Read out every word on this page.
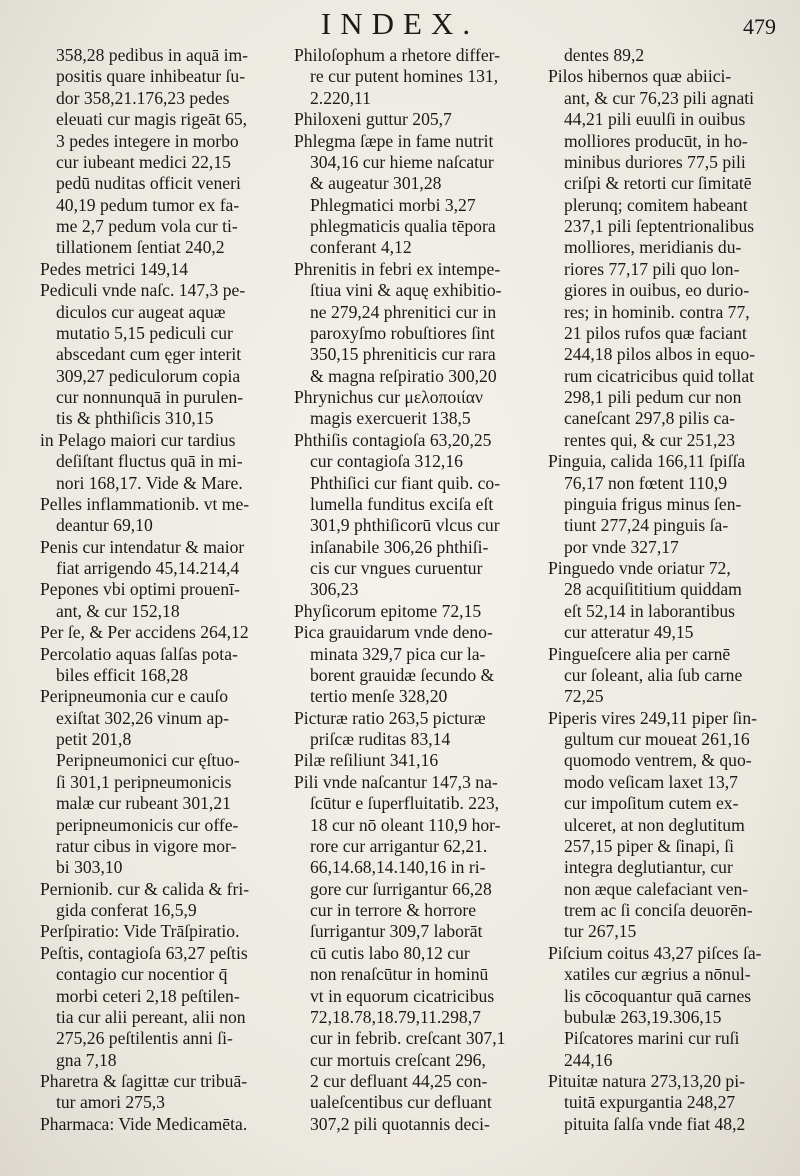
INDEX.	479

358,28 pedibus in aquā im-

positis quare inhibeatur ſu-

dor 358,21.176,23 pedes

eleuati cur magis rigeāt 65,

3 pedes integere in morbo

cur iubeant medici 22,15

pedū nuditas officit veneri

40,19 pedum tumor ex fa-

me 2,7 pedum vola cur ti-

tillationem ſentiat 240,2

Pedes metrici 149,14

Pediculi vnde naſc. 147,3 pe-

diculos cur augeat aquæ

mutatio 5,15 pediculi cur

abscedant cum ęger interit

309,27 pediculorum copia

cur nonnunquā in purulen-

tis & phthiſicis 310,15

in Pelago maiori cur tardius

deſiſtant fluctus quā in mi-

nori 168,17. Vide & Mare.

Pelles inflammationib. vt me-

deantur 69,10

Penis cur intendatur & maior

fiat arrigendo 45,14.214,4

Pepones vbi optimi prouenī-

ant, & cur 152,18

Per ſe, & Per accidens 264,12

Percolatio aquas ſalſas pota-

biles efficit 168,28

Peripneumonia cur e cauſo

exiſtat 302,26 vinum ap-

petit 201,8

Peripneumonici cur ęſtuo-

ſi 301,1 peripneumonicis

malæ cur rubeant 301,21

peripneumonicis cur offe-

ratur cibus in vigore mor-

bi 303,10

Pernionib. cur & calida & fri-

gida conferat 16,5,9

Perſpiratio: Vide Trāſpiratio.

Peſtis, contagioſa 63,27 peſtis

contagio cur nocentior q̄

morbi ceteri 2,18 peſtilen-

tia cur alii pereant, alii non

275,26 peſtilentis anni ſi-

gna 7,18

Pharetra & ſagittæ cur tribuā-

tur amori 275,3

Pharmaca: Vide Medicamēta.

Philoſophum a rhetore differ-

re cur putent homines 131,

2.220,11

Philoxeni guttur 205,7

Phlegma ſæpe in fame nutrit

304,16 cur hieme naſcatur

& augeatur 301,28

Phlegmatici morbi 3,27

phlegmaticis qualia tēpora

conferant 4,12

Phrenitis in febri ex intempe-

ſtiua vini & aquę exhibitio-

ne 279,24 phrenitici cur in

paroxyſmo robuſtiores ſint

350,15 phreniticis cur rara

& magna reſpiratio 300,20

Phrynichus cur μελοποιίαν

magis exercuerit 138,5

Phthiſis contagioſa 63,20,25

cur contagioſa 312,16

Phthiſici cur fiant quib. co-

lumella funditus exciſa eſt

301,9 phthiſicorū vlcus cur

inſanabile 306,26 phthiſi-

cis cur vngues curuentur

306,23

Phyſicorum epitome 72,15

Pica grauidarum vnde deno-

minata 329,7 pica cur la-

borent grauidæ ſecundo &

tertio menſe 328,20

Picturæ ratio 263,5 picturæ

priſcæ ruditas 83,14

Pilæ reſiliunt 341,16

Pili vnde naſcantur 147,3 na-

ſcūtur e ſuperfluitatib. 223,

18 cur nō oleant 110,9 hor-

rore cur arrigantur 62,21.

66,14.68,14.140,16 in ri-

gore cur ſurrigantur 66,28

cur in terrore & horrore

ſurrigantur 309,7 laborāt

cū cutis labo 80,12 cur

non renaſcūtur in hominū

vt in equorum cicatricibus

72,18.78,18.79,11.298,7

cur in febrib. creſcant 307,1

cur mortuis creſcant 296,

2 cur defluant 44,25 con-

ualeſcentibus cur defluant

307,2 pili quotannis deci-

dentes 89,2

Pilos hibernos quæ abiici-

ant, & cur 76,23 pili agnati

44,21 pili euulſi in ouibus

molliores producūt, in ho-

minibus duriores 77,5 pili

criſpi & retorti cur ſimitatē

plerunq; comitem habeant

237,1 pili ſeptentrionalibus

molliores, meridianis du-

riores 77,17 pili quo lon-

giores in ouibus, eo durio-

res; in hominib. contra 77,

21 pilos rufos quæ faciant

244,18 pilos albos in equo-

rum cicatricibus quid tollat

298,1 pili pedum cur non

caneſcant 297,8 pilis ca-

rentes qui, & cur 251,23

Pinguia, calida 166,11 ſpiſſa

76,17 non fœtent 110,9

pinguia frigus minus ſen-

tiunt 277,24 pinguis ſa-

por vnde 327,17

Pinguedo vnde oriatur 72,

28 acquiſititium quiddam

eſt 52,14 in laborantibus

cur atteratur 49,15

Pingueſcere alia per carnē

cur ſoleant, alia ſub carne

72,25

Piperis vires 249,11 piper ſin-

gultum cur moueat 261,16

quomodo ventrem, & quo-

modo veſicam laxet 13,7

cur impoſitum cutem ex-

ulceret, at non deglutitum

257,15 piper & ſinapi, ſi

integra deglutiantur, cur

non æque calefaciant ven-

trem ac ſi conciſa deuorēn-

tur 267,15

Piſcium coitus 43,27 piſces ſa-

xatiles cur ægrius a nōnul-

lis cōcoquantur quā carnes

bubulæ 263,19.306,15

Piſcatores marini cur ruſi

244,16

Pituitæ natura 273,13,20 pi-

tuitā expurgantia 248,27

pituita ſalſa vnde fiat 48,2
